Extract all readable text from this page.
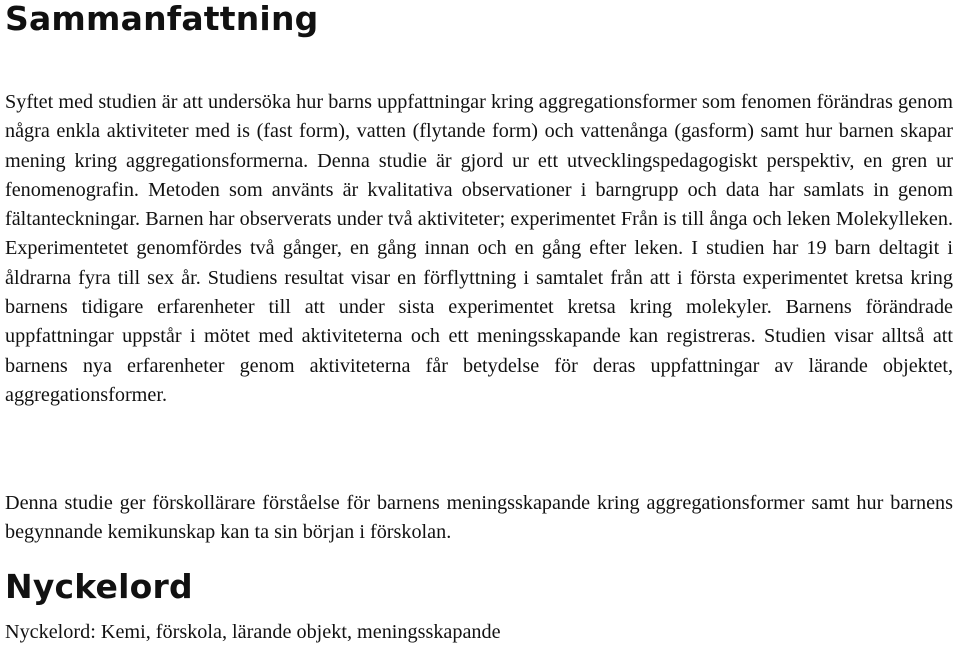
Sammanfattning

Syftet med studien är att undersöka hur barns uppfattningar kring aggregationsformer som fenomen förändras genom några enkla aktiviteter med is (fast form), vatten (flytande form) och vattenånga (gasform) samt hur barnen skapar mening kring aggregationsformerna. Denna studie är gjord ur ett utvecklingspedagogiskt perspektiv, en gren ur fenomenografin. Metoden som använts är kvalitativa observationer i barngrupp och data har samlats in genom fältanteckningar. Barnen har observerats under två aktiviteter; experimentet Från is till ånga och leken Molekylleken. Experimentetet genomfördes två gånger, en gång innan och en gång efter leken. I studien har 19 barn deltagit i åldrarna fyra till sex år. Studiens resultat visar en förflyttning i samtalet från att i första experimentet kretsa kring barnens tidigare erfarenheter till att under sista experimentet kretsa kring molekyler. Barnens förändrade uppfattningar uppstår i mötet med aktiviteterna och ett meningsskapande kan registreras. Studien visar alltså att barnens nya erfarenheter genom aktiviteterna får betydelse för deras uppfattningar av lärande objektet, aggregationsformer.

Denna studie ger förskollärare förståelse för barnens meningsskapande kring aggregationsformer samt hur barnens begynnande kemikunskap kan ta sin början i förskolan.

Nyckelord

Nyckelord: Kemi, förskola, lärande objekt, meningsskapande
